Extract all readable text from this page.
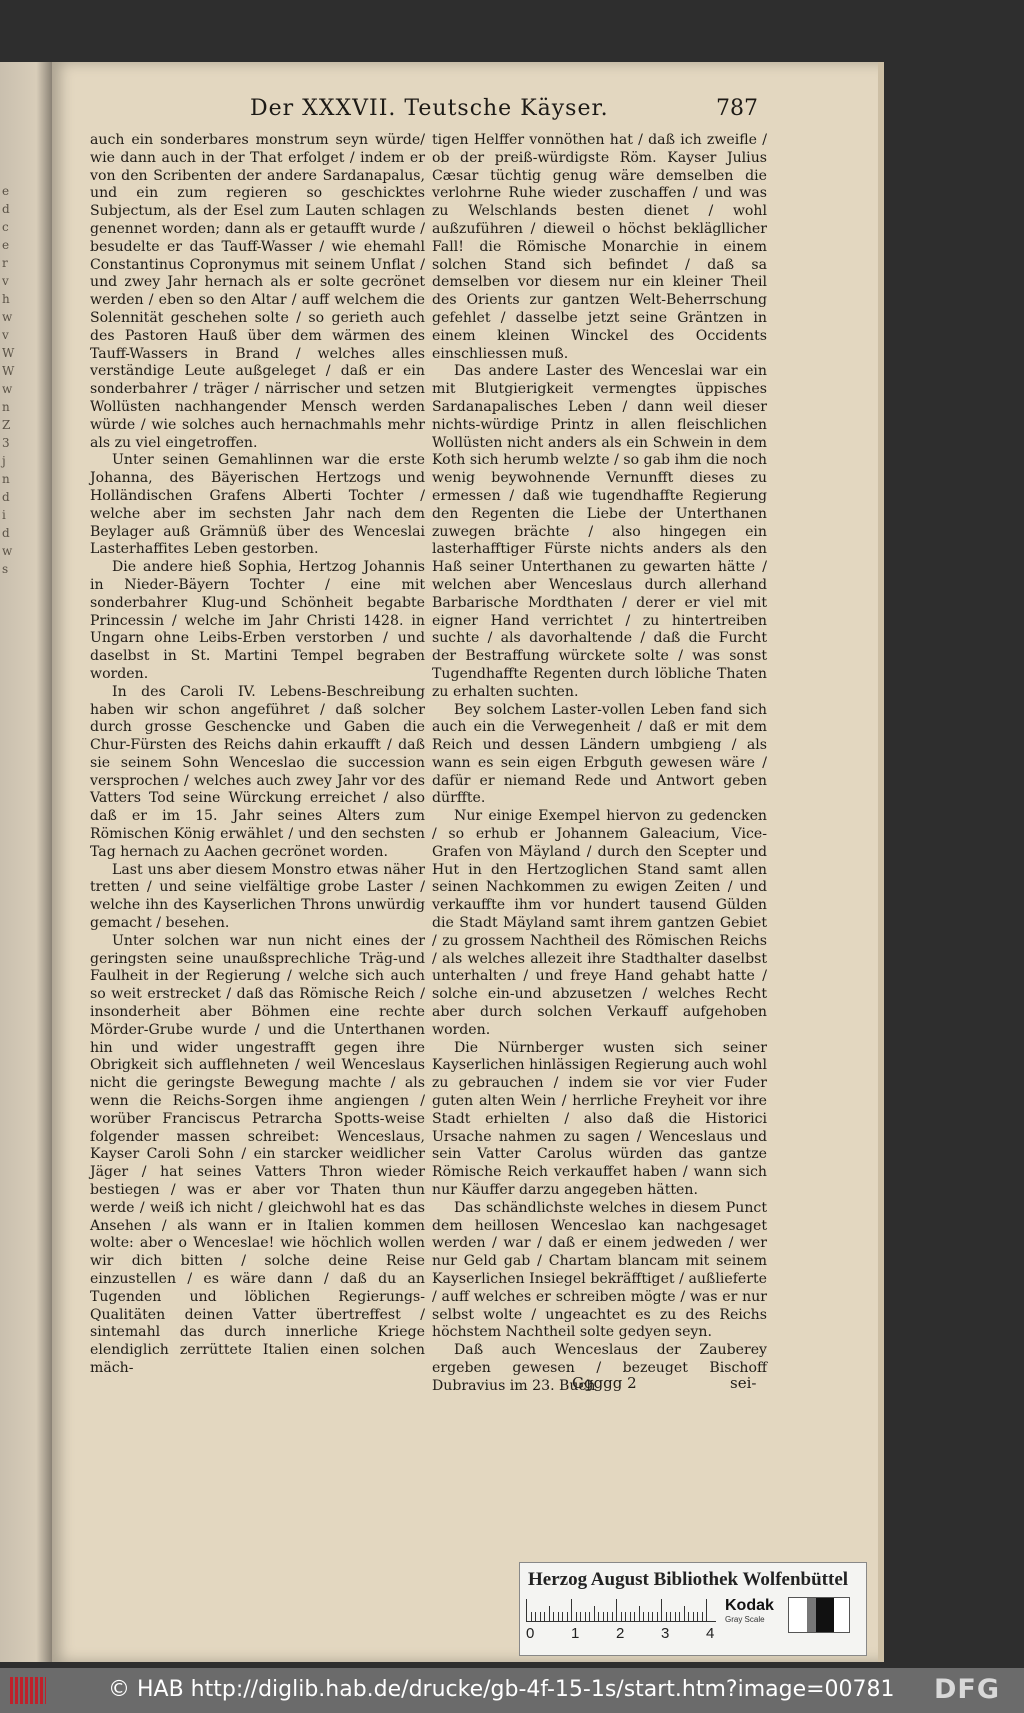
e
d
c
e
r
v
h
w
v
W
W
w
n
Z
3
j
n
d
i
d
w
s
Der XXXVII. Teutsche Käyser.	787

auch ein sonderbares monstrum seyn würde/ wie dann auch in der That erfolget / indem er von den Scribenten der andere Sardanapalus, und ein zum regieren so geschicktes Subjectum, als der Esel zum Lauten schlagen genennet worden; dann als er getaufft wurde / besudelte er das Tauff-Wasser / wie ehemahl Constantinus Copronymus mit seinem Unflat / und zwey Jahr hernach als er solte gecrönet werden / eben so den Altar / auff welchem die Solennität geschehen solte / so gerieth auch des Pastoren Hauß über dem wärmen des Tauff-Wassers in Brand / welches alles verständige Leute außgeleget / daß er ein sonderbahrer / träger / närrischer und setzen Wollüsten nachhangender Mensch werden würde / wie solches auch hernachmahls mehr als zu viel eingetroffen.

Unter seinen Gemahlinnen war die erste Johanna, des Bäyerischen Hertzogs und Holländischen Grafens Alberti Tochter / welche aber im sechsten Jahr nach dem Beylager auß Grämnüß über des Wenceslai Lasterhaffites Leben gestorben.

Die andere hieß Sophia, Hertzog Johannis in Nieder-Bäyern Tochter / eine mit sonderbahrer Klug-und Schönheit begabte Princessin / welche im Jahr Christi 1428. in Ungarn ohne Leibs-Erben verstorben / und daselbst in St. Martini Tempel begraben worden.

In des Caroli IV. Lebens-Beschreibung haben wir schon angeführet / daß solcher durch grosse Geschencke und Gaben die Chur-Fürsten des Reichs dahin erkaufft / daß sie seinem Sohn Wenceslao die succession versprochen / welches auch zwey Jahr vor des Vatters Tod seine Würckung erreichet / also daß er im 15. Jahr seines Alters zum Römischen König erwählet / und den sechsten Tag hernach zu Aachen gecrönet worden.

Last uns aber diesem Monstro etwas näher tretten / und seine vielfältige grobe Laster / welche ihn des Kayserlichen Throns unwürdig gemacht / besehen.

Unter solchen war nun nicht eines der geringsten seine unaußsprechliche Träg-und Faulheit in der Regierung / welche sich auch so weit erstrecket / daß das Römische Reich / insonderheit aber Böhmen eine rechte Mörder-Grube wurde / und die Unterthanen hin und wider ungestrafft gegen ihre Obrigkeit sich aufflehneten / weil Wenceslaus nicht die geringste Bewegung machte / als wenn die Reichs-Sorgen ihme angiengen / worüber Franciscus Petrarcha Spotts-weise folgender massen schreibet: Wenceslaus, Kayser Caroli Sohn / ein starcker weidlicher Jäger / hat seines Vatters Thron wieder bestiegen / was er aber vor Thaten thun werde / weiß ich nicht / gleichwohl hat es das Ansehen / als wann er in Italien kommen wolte: aber o Wenceslae! wie höchlich wollen wir dich bitten / solche deine Reise einzustellen / es wäre dann / daß du an Tugenden und löblichen Regierungs-Qualitäten deinen Vatter übertreffest / sintemahl das durch innerliche Kriege elendiglich zerrüttete Italien einen solchen mäch-

tigen Helffer vonnöthen hat / daß ich zweifle / ob der preiß-würdigste Röm. Kayser Julius Cæsar tüchtig genug wäre demselben die verlohrne Ruhe wieder zuschaffen / und was zu Welschlands besten dienet / wohl außzuführen / dieweil o höchst beklägllicher Fall! die Römische Monarchie in einem solchen Stand sich befindet / daß sa demselben vor diesem nur ein kleiner Theil des Orients zur gantzen Welt-Beherrschung gefehlet / dasselbe jetzt seine Gräntzen in einem kleinen Winckel des Occidents einschliessen muß.

Das andere Laster des Wenceslai war ein mit Blutgierigkeit vermengtes üppisches Sardanapalisches Leben / dann weil dieser nichts-würdige Printz in allen fleischlichen Wollüsten nicht anders als ein Schwein in dem Koth sich herumb welzte / so gab ihm die noch wenig beywohnende Vernunfft dieses zu ermessen / daß wie tugendhaffte Regierung den Regenten die Liebe der Unterthanen zuwegen brächte / also hingegen ein lasterhafftiger Fürste nichts anders als den Haß seiner Unterthanen zu gewarten hätte / welchen aber Wenceslaus durch allerhand Barbarische Mordthaten / derer er viel mit eigner Hand verrichtet / zu hintertreiben suchte / als davorhaltende / daß die Furcht der Bestraffung würckete solte / was sonst Tugendhaffte Regenten durch löbliche Thaten zu erhalten suchten.

Bey solchem Laster-vollen Leben fand sich auch ein die Verwegenheit / daß er mit dem Reich und dessen Ländern umbgieng / als wann es sein eigen Erbguth gewesen wäre / dafür er niemand Rede und Antwort geben dürffte.

Nur einige Exempel hiervon zu gedencken / so erhub er Johannem Galeacium, Vice-Grafen von Mäyland / durch den Scepter und Hut in den Hertzoglichen Stand samt allen seinen Nachkommen zu ewigen Zeiten / und verkauffte ihm vor hundert tausend Gülden die Stadt Mäyland samt ihrem gantzen Gebiet / zu grossem Nachtheil des Römischen Reichs / als welches allezeit ihre Stadthalter daselbst unterhalten / und freye Hand gehabt hatte / solche ein-und abzusetzen / welches Recht aber durch solchen Verkauff aufgehoben worden.

Die Nürnberger wusten sich seiner Kayserlichen hinlässigen Regierung auch wohl zu gebrauchen / indem sie vor vier Fuder guten alten Wein / herrliche Freyheit vor ihre Stadt erhielten / also daß die Historici Ursache nahmen zu sagen / Wenceslaus und sein Vatter Carolus würden das gantze Römische Reich verkauffet haben / wann sich nur Käuffer darzu angegeben hätten.

Das schändlichste welches in diesem Punct dem heillosen Wenceslao kan nachgesaget werden / war / daß er einem jedweden / wer nur Geld gab / Chartam blancam mit seinem Kayserlichen Insiegel bekräfftiget / außlieferte / auff welches er schreiben mögte / was er nur selbst wolte / ungeachtet es zu des Reichs höchstem Nachtheil solte gedyen seyn.

Daß auch Wenceslaus der Zauberey ergeben gewesen / bezeuget Bischoff Dubravius im 23. Buch

Ggggg 2	sei-
Herzog August Bibliothek Wolfenbüttel
0 1 2 3 4
Kodak
Gray Scale
© HAB http://diglib.hab.de/drucke/gb-4f-15-1s/start.htm?image=00781 DFG
